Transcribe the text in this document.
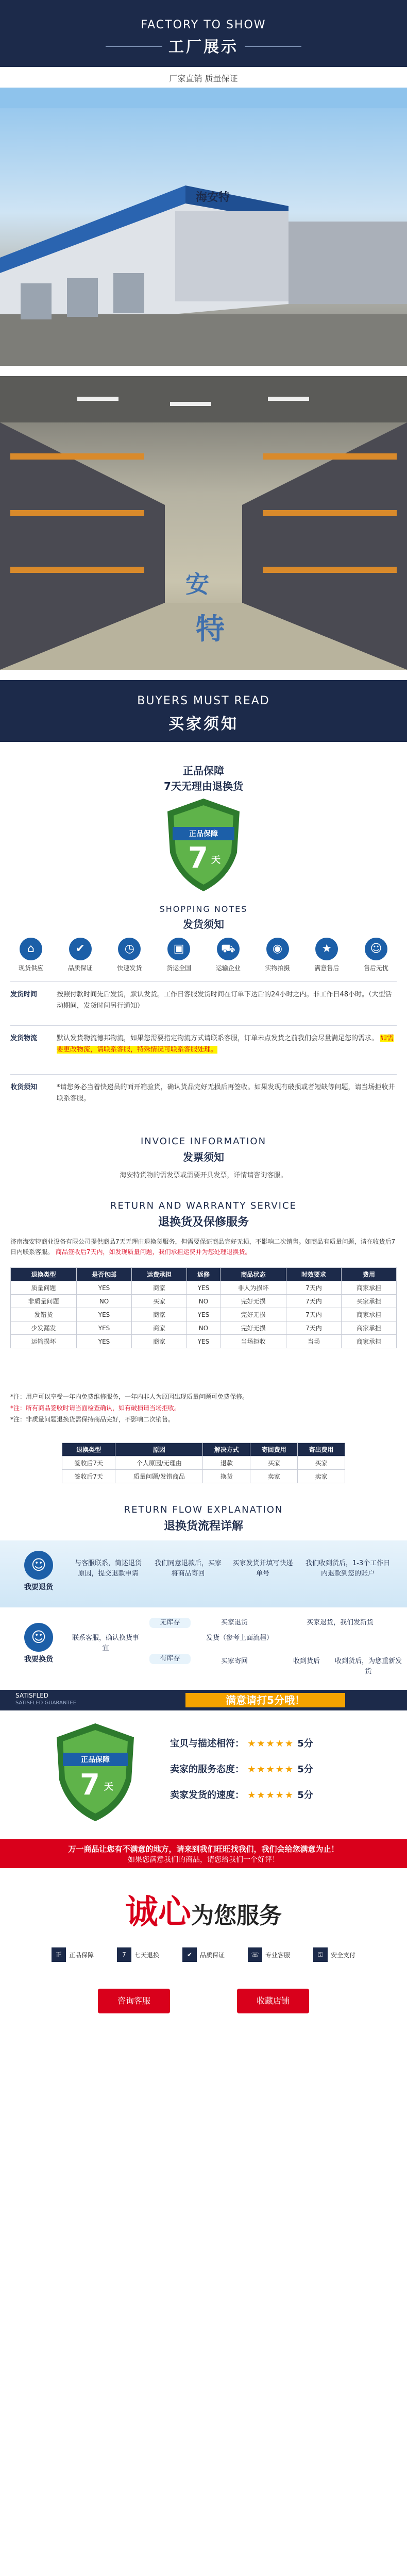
FACTORY TO SHOW
工厂展示
厂家直销 质量保证
海安特
安
特
BUYERS MUST READ
买家须知
正品保障
7天无理由退换货
正品保障
7 天
SHOPPING NOTES
发货须知
⌂
现货供应
✔
品质保证
◷
快速发货
▣
货运全国
⛟
运输企业
◉
实物拍摄
★
满意售后
☺
售后无忧
发货时间	按照付款时间先后发货，默认发货。工作日客服发货时间在订单下达后的24小时之内。非工作日48小时。（大型活动期间，发货时间另行通知）
发货物流	默认发货物流德邦物流，如果您需要指定物流方式请联系客服，订单未点发货之前我们会尽量满足您的需求。 如需要更改物流，请联系客服，特殊情况可联系客服处理。
收货须知	*请您务必当着快递员的面开箱验货，确认货品完好无损后再签收。如果发现有破损或者短缺等问题，请当场拒收并联系客服。
INVOICE INFORMATION
发票须知
海安特货物的需发票或需要开具发票，详情请咨询客服。
RETURN AND WARRANTY SERVICE
退换货及保修服务
济南海安特商业设备有限公司提供商品7天无理由退换货服务，但需要保证商品完好无损，不影响二次销售。如商品有质量问题，请在收货后7日内联系客服。 商品签收后7天内，如发现质量问题，我们承担运费并为您处理退换货。
退换类型	是否包邮	运费承担	返修	商品状态	时效要求	费用
质量问题	YES	商家	YES	非人为损坏	7天内	商家承担
非质量问题	NO	买家	NO	完好无损	7天内	买家承担
发错货	YES	商家	YES	完好无损	7天内	商家承担
少发漏发	YES	商家	NO	完好无损	7天内	商家承担
运输损坏	YES	商家	YES	当场拒收	当场	商家承担
*注：用户可以享受一年内免费维修服务，一年内非人为原因出现质量问题可免费保修。
*注：所有商品签收时请当面检查确认，如有破损请当场拒收。
*注：非质量问题退换货需保持商品完好，不影响二次销售。
退换类型	原因	解决方式	寄回费用	寄出费用
签收后7天	个人原因/无理由	退款	买家	买家
签收后7天	质量问题/发错商品	换货	卖家	卖家
RETURN FLOW EXPLANATION
退换货流程详解
☺
我要退货
与客服联系，简述退货原因，提交退款申请
我们同意退款后，买家将商品寄回
买家发货并填写快递单号
我们收到货后，1-3个工作日内退款到您的账户
☺
我要换货
联系客服，确认换货事宜
无库存
有库存
买家退货
发货（参考上面流程）
买家寄回	收到货后
买家退货，我们发新货
收到货后，为您重新发货
SATISFLED
SATISFLED GUARANTEE	满意请打5分哦！
正品保障
7 天
宝贝与描述相符： ★★★★★ 5分
卖家的服务态度： ★★★★★ 5分
卖家发货的速度： ★★★★★ 5分
万一商品让您有不满意的地方，请来到我们旺旺找我们，我们会给您满意为止！
如果您满意我们的商品，请您给我们一个好评！
诚心为您服务
正	正品保障	7	七天退换	✔	品质保证	☏	专业客服	⚿	安全支付
咨询客服	收藏店铺
